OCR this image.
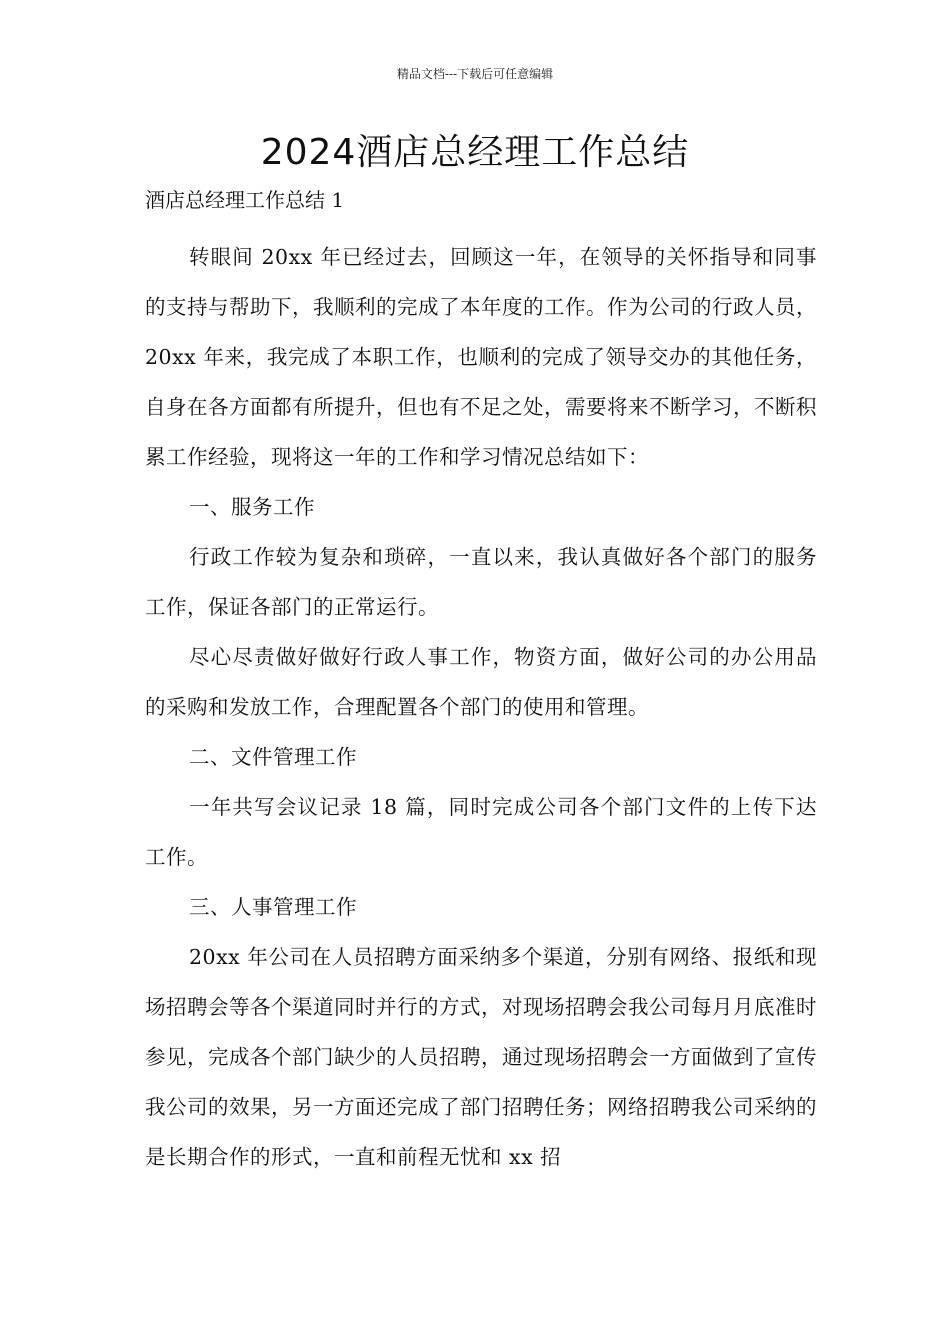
精品文档---下载后可任意编辑
2024酒店总经理工作总结

酒店总经理工作总结 1

转眼间 20xx 年已经过去，回顾这一年，在领导的关怀指导和同事的支持与帮助下，我顺利的完成了本年度的工作。作为公司的行政人员，20xx 年来，我完成了本职工作，也顺利的完成了领导交办的其他任务，自身在各方面都有所提升，但也有不足之处，需要将来不断学习，不断积累工作经验，现将这一年的工作和学习情况总结如下：

一、服务工作

行政工作较为复杂和琐碎，一直以来，我认真做好各个部门的服务工作，保证各部门的正常运行。

尽心尽责做好做好行政人事工作，物资方面，做好公司的办公用品的采购和发放工作，合理配置各个部门的使用和管理。

二、文件管理工作

一年共写会议记录 18 篇，同时完成公司各个部门文件的上传下达工作。

三、人事管理工作

20xx 年公司在人员招聘方面采纳多个渠道，分别有网络、报纸和现场招聘会等各个渠道同时并行的方式，对现场招聘会我公司每月月底准时参见，完成各个部门缺少的人员招聘，通过现场招聘会一方面做到了宣传我公司的效果，另一方面还完成了部门招聘任务；网络招聘我公司采纳的是长期合作的形式，一直和前程无忧和 xx 招
